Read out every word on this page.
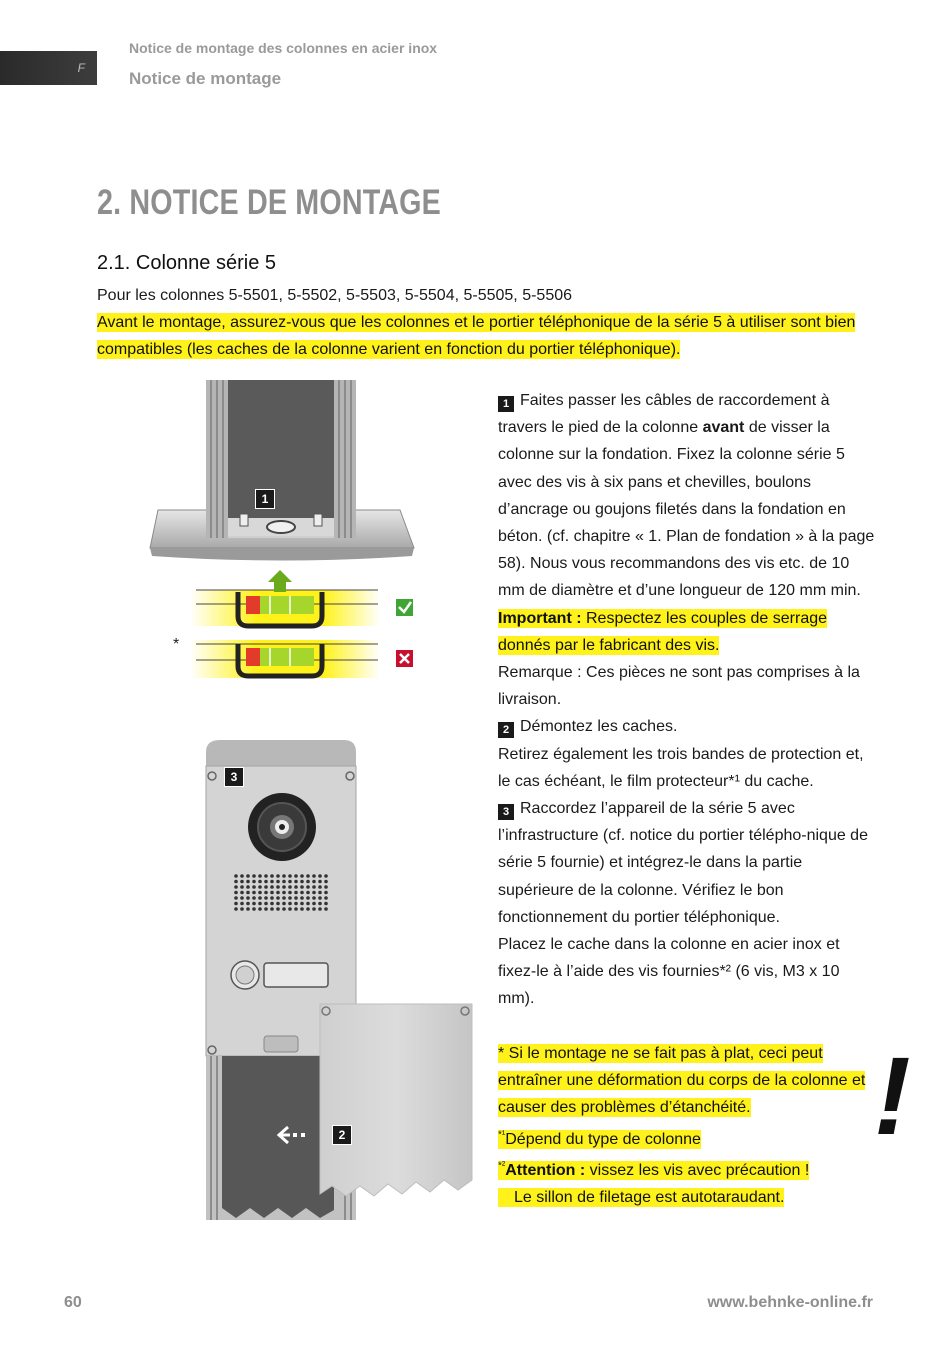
F
Notice de montage des colonnes en acier inox
Notice de montage
2. NOTICE DE MONTAGE
2.1. Colonne série 5
Pour les colonnes 5-5501, 5-5502, 5-5503, 5-5504, 5-5505, 5-5506
Avant le montage, assurez-vous que les colonnes et le portier téléphonique de la série 5 à utiliser sont bien compatibles (les caches de la colonne varient en fonction du portier téléphonique).
1
3
2
*

1 Faites passer les câbles de raccordement à travers le pied de la colonne avant de visser la colonne sur la fondation. Fixez la colonne série 5 avec des vis à six pans et chevilles, boulons d’ancrage ou goujons filetés dans la fondation en béton. (cf. chapitre « 1. Plan de fondation » à la page 58). Nous vous recommandons des vis etc. de 10 mm de diamètre et d’une longueur de 120 mm min.

Important : Respectez les couples de serrage donnés par le fabricant des vis.

Remarque : Ces pièces ne sont pas comprises à la livraison.

2 Démontez les caches.

Retirez également les trois bandes de protection et, le cas échéant, le film protecteur*¹ du cache.

3 Raccordez l’appareil de la série 5 avec l’infrastructure (cf. notice du portier télépho-nique de série 5 fournie) et intégrez-le dans la partie supérieure de la colonne. Vérifiez le bon fonctionnement du portier téléphonique.

Placez le cache dans la colonne en acier inox et fixez-le à l’aide des vis fournies*² (6 vis, M3 x 10 mm).

* Si le montage ne se fait pas à plat, ceci peut entraîner une déformation du corps de la colonne et causer des problèmes d’étanchéité.

$^{*^1}$Dépend du type de colonne

$^{*^2}$Attention : vissez les vis avec précaution !

Le sillon de filetage est autotaraudant.

!
60	www.behnke-online.fr
